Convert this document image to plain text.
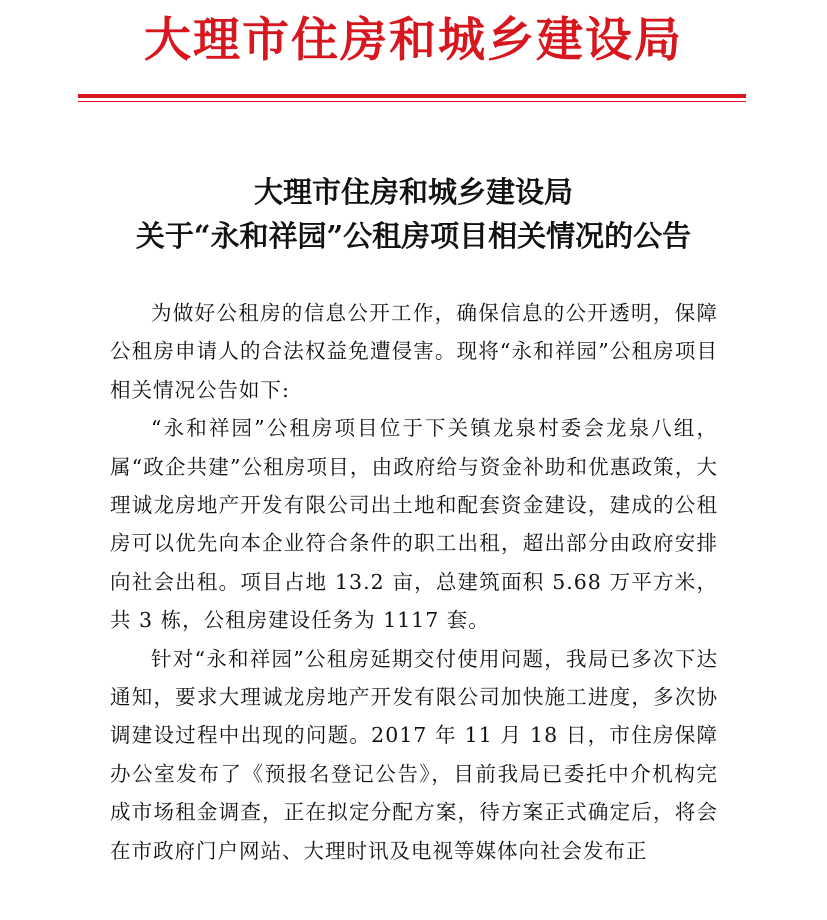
大理市住房和城乡建设局
大理市住房和城乡建设局
关于“永和祥园”公租房项目相关情况的公告

为做好公租房的信息公开工作，确保信息的公开透明，保障公租房申请人的合法权益免遭侵害。现将“永和祥园”公租房项目相关情况公告如下:

“永和祥园”公租房项目位于下关镇龙泉村委会龙泉八组，属“政企共建”公租房项目，由政府给与资金补助和优惠政策，大理诚龙房地产开发有限公司出土地和配套资金建设，建成的公租房可以优先向本企业符合条件的职工出租，超出部分由政府安排向社会出租。项目占地 13.2 亩，总建筑面积 5.68 万平方米，共 3 栋，公租房建设任务为 1117 套。

针对“永和祥园”公租房延期交付使用问题，我局已多次下达通知，要求大理诚龙房地产开发有限公司加快施工进度，多次协调建设过程中出现的问题。2017 年 11 月 18 日，市住房保障办公室发布了《预报名登记公告》，目前我局已委托中介机构完成市场租金调查，正在拟定分配方案，待方案正式确定后，将会在市政府门户网站、大理时讯及电视等媒体向社会发布正
